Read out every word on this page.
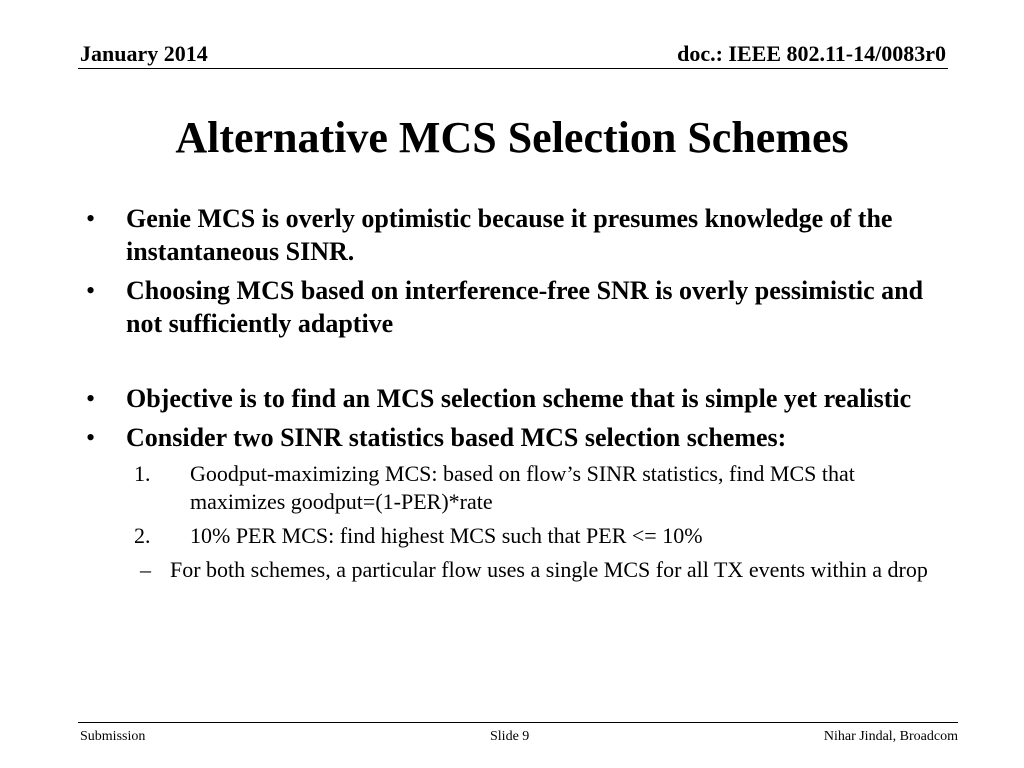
January 2014	doc.: IEEE 802.11-14/0083r0
Alternative MCS Selection Schemes
• Genie MCS is overly optimistic because it presumes knowledge of the instantaneous SINR.
• Choosing MCS based on interference-free SNR is overly pessimistic and not sufficiently adaptive
• Objective is to find an MCS selection scheme that is simple yet realistic
• Consider two SINR statistics based MCS selection schemes:
1. Goodput-maximizing MCS: based on flow’s SINR statistics, find MCS that maximizes goodput=(1-PER)*rate
2. 10% PER MCS: find highest MCS such that PER <= 10%
– For both schemes, a particular flow uses a single MCS for all TX events within a drop
Submission	Slide 9	Nihar Jindal, Broadcom
